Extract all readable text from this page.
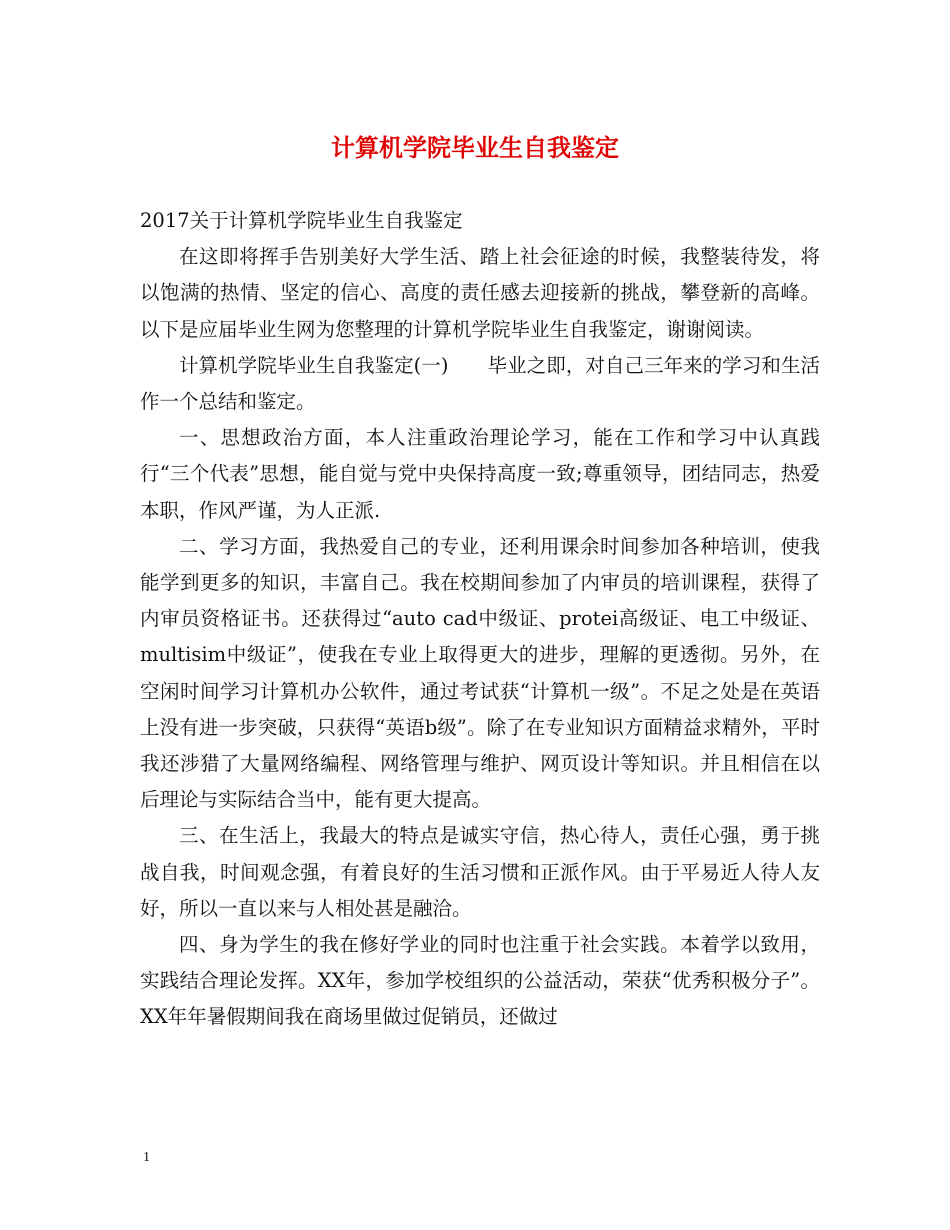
计算机学院毕业生自我鉴定

2017关于计算机学院毕业生自我鉴定

在这即将挥手告别美好大学生活、踏上社会征途的时候，我整装待发，将以饱满的热情、坚定的信心、高度的责任感去迎接新的挑战，攀登新的高峰。以下是应届毕业生网为您整理的计算机学院毕业生自我鉴定，谢谢阅读。

计算机学院毕业生自我鉴定(一)　　毕业之即，对自己三年来的学习和生活作一个总结和鉴定。

一、思想政治方面，本人注重政治理论学习，能在工作和学习中认真践行“三个代表”思想，能自觉与党中央保持高度一致;尊重领导，团结同志，热爱本职，作风严谨，为人正派.

二、学习方面，我热爱自己的专业，还利用课余时间参加各种培训，使我能学到更多的知识，丰富自己。我在校期间参加了内审员的培训课程，获得了内审员资格证书。还获得过“auto cad中级证、protei高级证、电工中级证、multisim中级证”，使我在专业上取得更大的进步，理解的更透彻。另外，在空闲时间学习计算机办公软件，通过考试获“计算机一级”。不足之处是在英语上没有进一步突破，只获得“英语b级”。除了在专业知识方面精益求精外，平时我还涉猎了大量网络编程、网络管理与维护、网页设计等知识。并且相信在以后理论与实际结合当中，能有更大提高。

三、在生活上，我最大的特点是诚实守信，热心待人，责任心强，勇于挑战自我，时间观念强，有着良好的生活习惯和正派作风。由于平易近人待人友好，所以一直以来与人相处甚是融洽。

四、身为学生的我在修好学业的同时也注重于社会实践。本着学以致用，实践结合理论发挥。XX年，参加学校组织的公益活动，荣获“优秀积极分子”。XX年年暑假期间我在商场里做过促销员，还做过

1
